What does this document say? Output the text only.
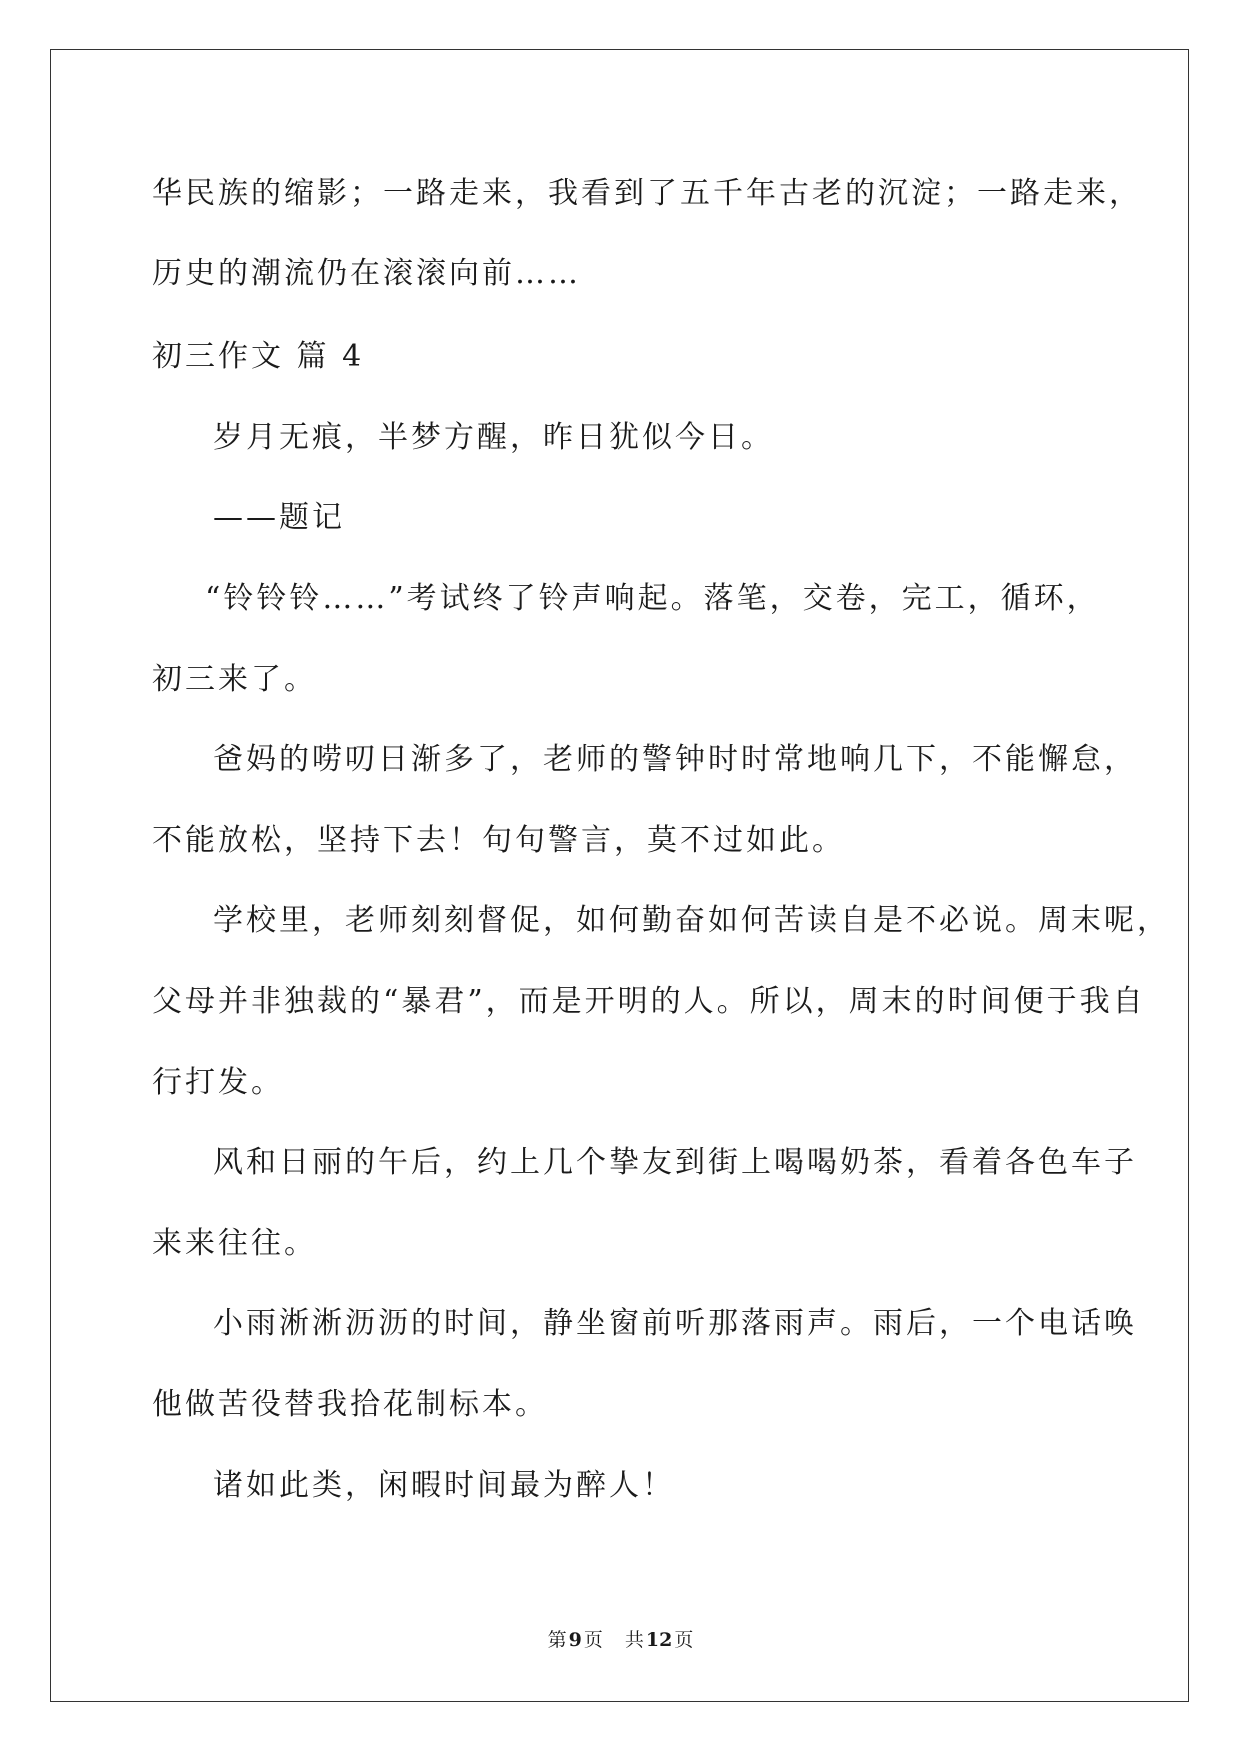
华民族的缩影；一路走来，我看到了五千年古老的沉淀；一路走来，
历史的潮流仍在滚滚向前……
初三作文 篇 4
岁月无痕，半梦方醒，昨日犹似今日。
——题记
“铃铃铃……”考试终了铃声响起。落笔，交卷，完工，循环，
初三来了。
爸妈的唠叨日渐多了，老师的警钟时时常地响几下，不能懈怠，
不能放松，坚持下去！句句警言，莫不过如此。
学校里，老师刻刻督促，如何勤奋如何苦读自是不必说。周末呢，
父母并非独裁的“暴君”，而是开明的人。所以，周末的时间便于我自
行打发。
风和日丽的午后，约上几个挚友到街上喝喝奶茶，看着各色车子
来来往往。
小雨淅淅沥沥的时间，静坐窗前听那落雨声。雨后，一个电话唤
他做苦役替我拾花制标本。
诸如此类，闲暇时间最为醉人！
第 9 页 共 12 页
